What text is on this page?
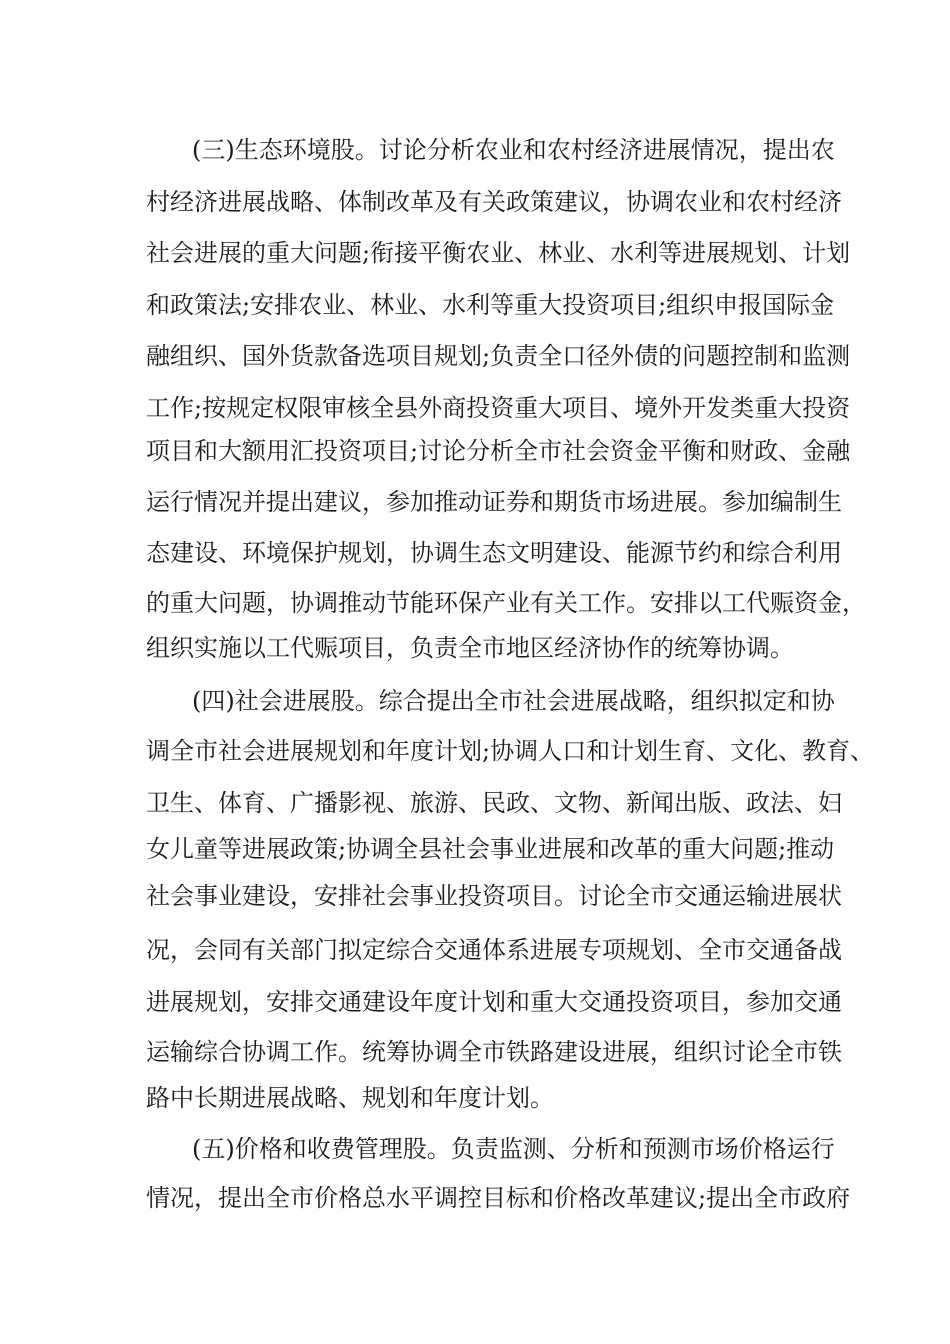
(三)生态环境股。讨论分析农业和农村经济进展情况，提出农
村经济进展战略、体制改革及有关政策建议，协调农业和农村经济
社会进展的重大问题;衔接平衡农业、林业、水利等进展规划、计划
和政策法;安排农业、林业、水利等重大投资项目;组织申报国际金
融组织、国外货款备选项目规划;负责全口径外债的问题控制和监测
工作;按规定权限审核全县外商投资重大项目、境外开发类重大投资
项目和大额用汇投资项目;讨论分析全市社会资金平衡和财政、金融
运行情况并提出建议，参加推动证券和期货市场进展。参加编制生
态建设、环境保护规划，协调生态文明建设、能源节约和综合利用
的重大问题，协调推动节能环保产业有关工作。安排以工代赈资金，
组织实施以工代赈项目，负责全市地区经济协作的统筹协调。
(四)社会进展股。综合提出全市社会进展战略，组织拟定和协
调全市社会进展规划和年度计划;协调人口和计划生育、文化、教育、
卫生、体育、广播影视、旅游、民政、文物、新闻出版、政法、妇
女儿童等进展政策;协调全县社会事业进展和改革的重大问题;推动
社会事业建设，安排社会事业投资项目。讨论全市交通运输进展状
况，会同有关部门拟定综合交通体系进展专项规划、全市交通备战
进展规划，安排交通建设年度计划和重大交通投资项目，参加交通
运输综合协调工作。统筹协调全市铁路建设进展，组织讨论全市铁
路中长期进展战略、规划和年度计划。
(五)价格和收费管理股。负责监测、分析和预测市场价格运行
情况，提出全市价格总水平调控目标和价格改革建议;提出全市政府
